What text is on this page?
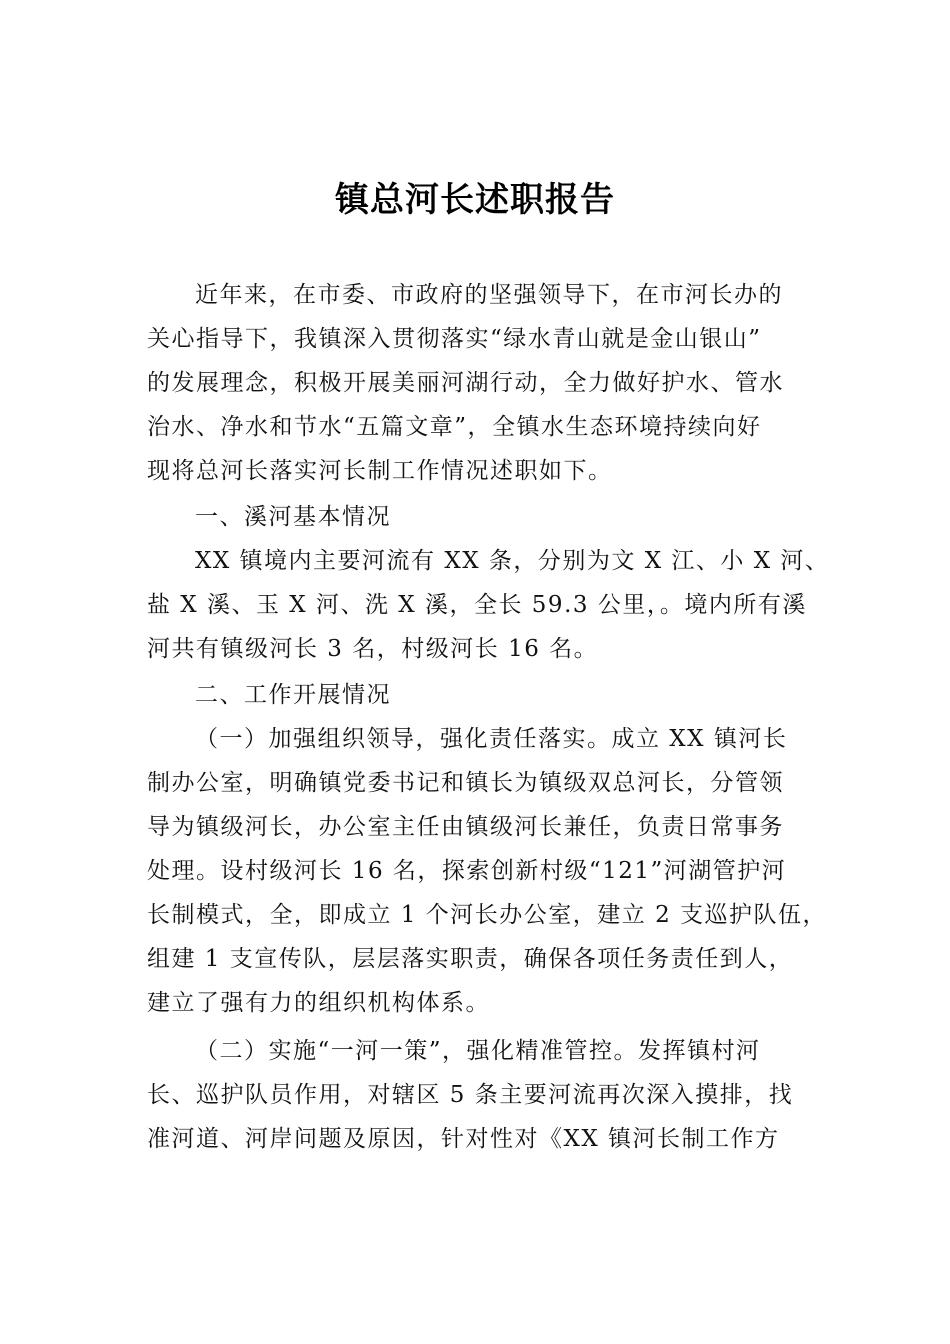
镇总河长述职报告
近年来，在市委、市政府的坚强领导下，在市河长办的
关心指导下，我镇深入贯彻落实“绿水青山就是金山银山”
的发展理念，积极开展美丽河湖行动，全力做好护水、管水
治水、净水和节水“五篇文章”，全镇水生态环境持续向好
现将总河长落实河长制工作情况述职如下。
一、溪河基本情况
XX 镇境内主要河流有 XX 条，分别为文 X 江、小 X 河、
盐 X 溪、玉 X 河、洗 X 溪，全长 59.3 公里，。境内所有溪
河共有镇级河长 3 名，村级河长 16 名。
二、工作开展情况
（一）加强组织领导，强化责任落实。成立 XX 镇河长
制办公室，明确镇党委书记和镇长为镇级双总河长，分管领
导为镇级河长，办公室主任由镇级河长兼任，负责日常事务
处理。设村级河长 16 名，探索创新村级“121”河湖管护河
长制模式，全，即成立 1 个河长办公室，建立 2 支巡护队伍，
组建 1 支宣传队，层层落实职责，确保各项任务责任到人，
建立了强有力的组织机构体系。
（二）实施“一河一策”，强化精准管控。发挥镇村河
长、巡护队员作用，对辖区 5 条主要河流再次深入摸排，找
准河道、河岸问题及原因，针对性对《XX 镇河长制工作方
